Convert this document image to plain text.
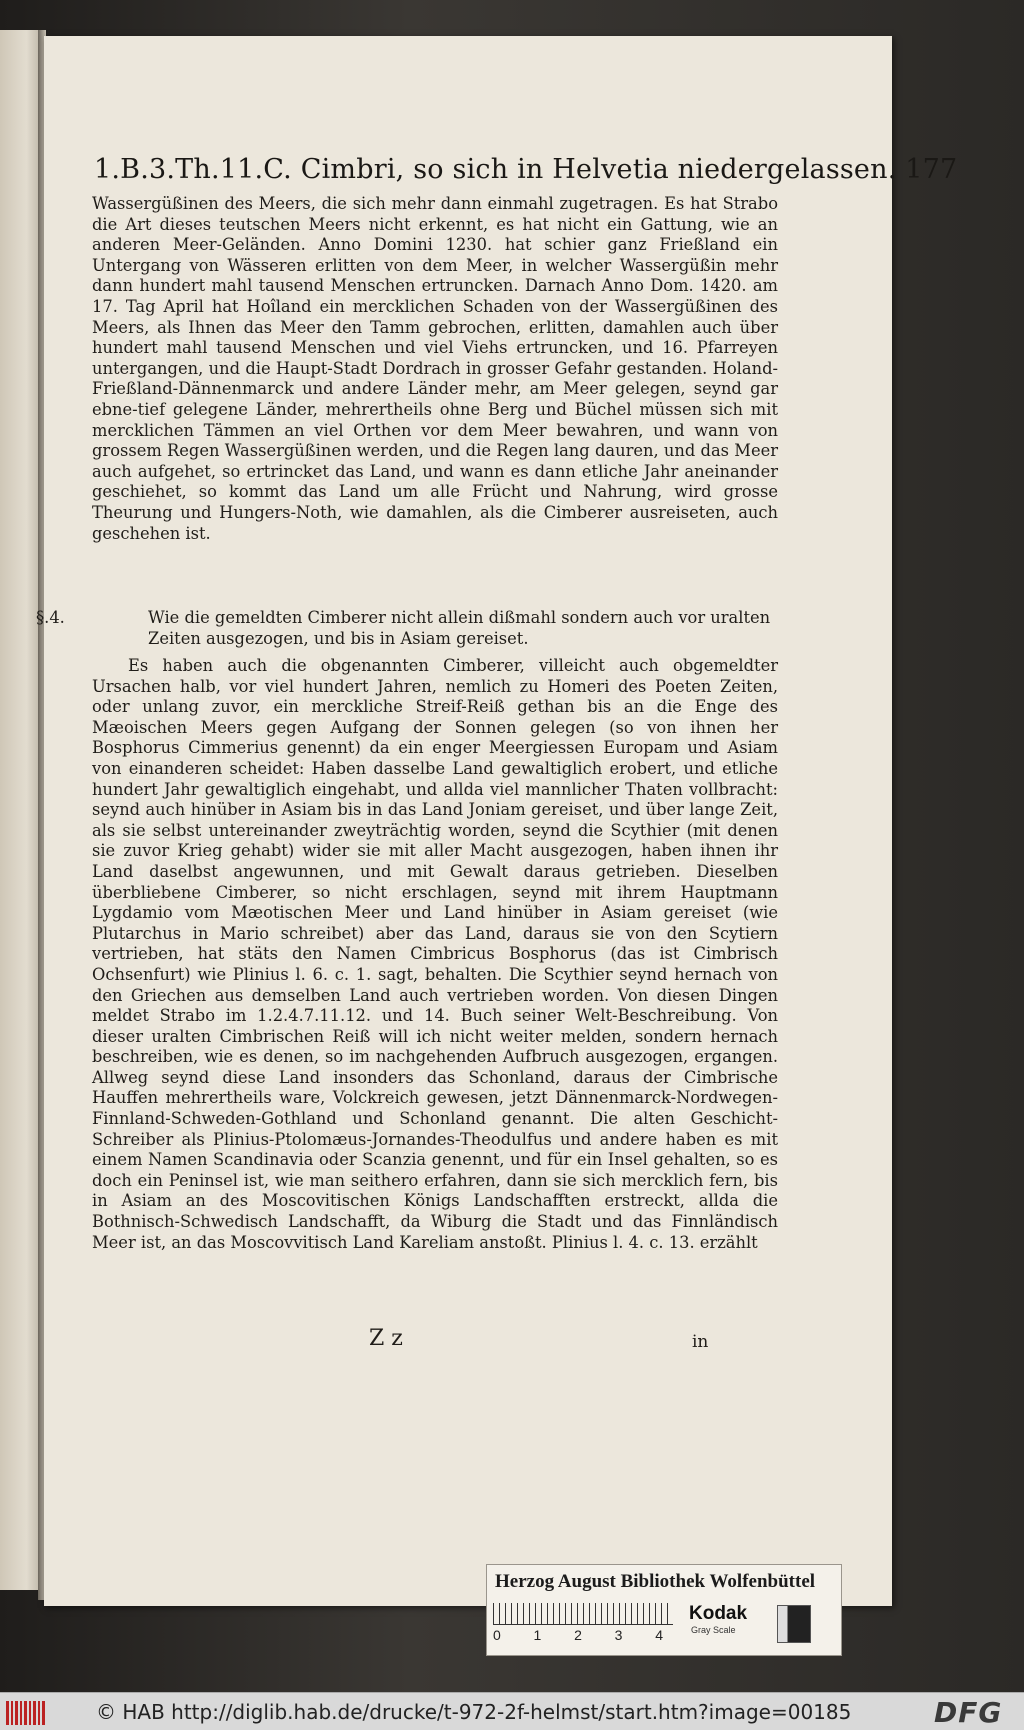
1.B.3.Th.11.C. Cimbri, so sich in Helvetia niedergelassen. 177

Wassergüßinen des Meers, die sich mehr dann einmahl zugetragen. Es hat Strabo die Art dieses teutschen Meers nicht erkennt, es hat nicht ein Gattung, wie an anderen Meer-Geländen. Anno Domini 1230. hat schier ganz Frießland ein Untergang von Wässeren erlitten von dem Meer, in welcher Wassergüßin mehr dann hundert mahl tausend Menschen ertruncken. Darnach Anno Dom. 1420. am 17. Tag April hat Hoîland ein mercklichen Schaden von der Wassergüßinen des Meers, als Ihnen das Meer den Tamm gebrochen, erlitten, damahlen auch über hundert mahl tausend Menschen und viel Viehs ertruncken, und 16. Pfarreyen untergangen, und die Haupt-Stadt Dordrach in grosser Gefahr gestanden. Holand-Frießland-Dännenmarck und andere Länder mehr, am Meer gelegen, seynd gar ebne-tief gelegene Länder, mehrertheils ohne Berg und Büchel müssen sich mit mercklichen Tämmen an viel Orthen vor dem Meer bewahren, und wann von grossem Regen Wassergüßinen werden, und die Regen lang dauren, und das Meer auch aufgehet, so ertrincket das Land, und wann es dann etliche Jahr aneinander geschiehet, so kommt das Land um alle Frücht und Nahrung, wird grosse Theurung und Hungers-Noth, wie damahlen, als die Cimberer ausreiseten, auch geschehen ist.

§.4.	Wie die gemeldten Cimberer nicht allein dißmahl sondern auch vor uralten Zeiten ausgezogen, und bis in Asiam gereiset.

Es haben auch die obgenannten Cimberer, villeicht auch obgemeldter Ursachen halb, vor viel hundert Jahren, nemlich zu Homeri des Poeten Zeiten, oder unlang zuvor, ein merckliche Streif-Reiß gethan bis an die Enge des Mæoischen Meers gegen Aufgang der Sonnen gelegen (so von ihnen her Bosphorus Cimmerius genennt) da ein enger Meergiessen Europam und Asiam von einanderen scheidet: Haben dasselbe Land gewaltiglich erobert, und etliche hundert Jahr gewaltiglich eingehabt, und allda viel mannlicher Thaten vollbracht: seynd auch hinüber in Asiam bis in das Land Joniam gereiset, und über lange Zeit, als sie selbst untereinander zweyträchtig worden, seynd die Scythier (mit denen sie zuvor Krieg gehabt) wider sie mit aller Macht ausgezogen, haben ihnen ihr Land daselbst angewunnen, und mit Gewalt daraus getrieben. Dieselben überbliebene Cimberer, so nicht erschlagen, seynd mit ihrem Hauptmann Lygdamio vom Mæotischen Meer und Land hinüber in Asiam gereiset (wie Plutarchus in Mario schreibet) aber das Land, daraus sie von den Scytiern vertrieben, hat stäts den Namen Cimbricus Bosphorus (das ist Cimbrisch Ochsenfurt) wie Plinius l. 6. c. 1. sagt, behalten. Die Scythier seynd hernach von den Griechen aus demselben Land auch vertrieben worden. Von diesen Dingen meldet Strabo im 1.2.4.7.11.12. und 14. Buch seiner Welt-Beschreibung. Von dieser uralten Cimbrischen Reiß will ich nicht weiter melden, sondern hernach beschreiben, wie es denen, so im nachgehenden Aufbruch ausgezogen, ergangen. Allweg seynd diese Land insonders das Schonland, daraus der Cimbrische Hauffen mehrertheils ware, Volckreich gewesen, jetzt Dännenmarck-Nordwegen-Finnland-Schweden-Gothland und Schonland genannt. Die alten Geschicht-Schreiber als Plinius-Ptolomæus-Jornandes-Theodulfus und andere haben es mit einem Namen Scandinavia oder Scanzia genennt, und für ein Insel gehalten, so es doch ein Peninsel ist, wie man seithero erfahren, dann sie sich mercklich fern, bis in Asiam an des Moscovitischen Königs Landschafften erstreckt, allda die Bothnisch-Schwedisch Landschafft, da Wiburg die Stadt und das Finnländisch Meer ist, an das Moscovvitisch Land Kareliam anstoßt. Plinius l. 4. c. 13. erzählt

Z z	in
Herzog August Bibliothek Wolfenbüttel
0 1 2 3 4
Kodak
Gray Scale
© HAB http://diglib.hab.de/drucke/t-972-2f-helmst/start.htm?image=00185	DFG
